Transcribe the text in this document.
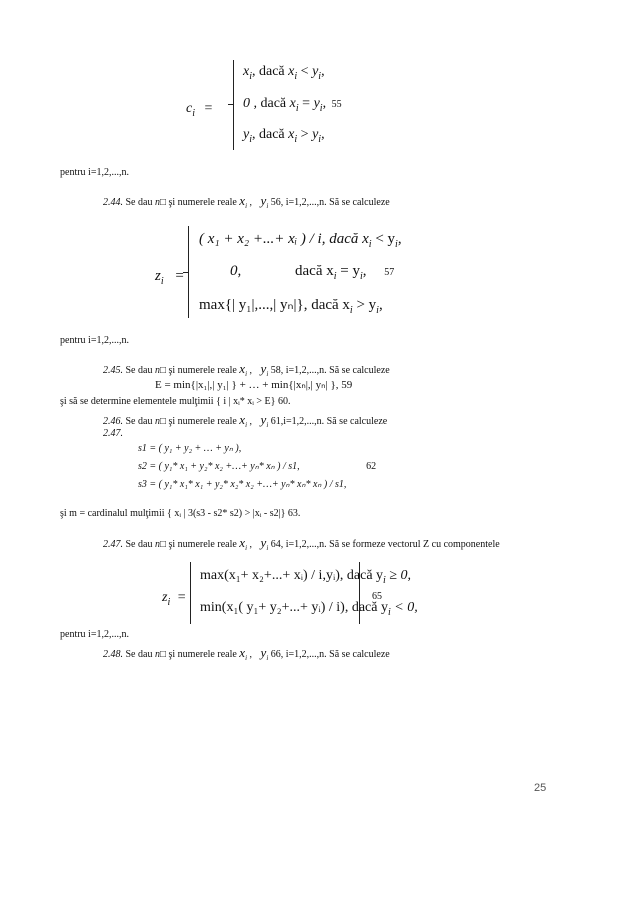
$c_i$ =
$x_i$, dacă $x_i < y_i$,
0 , dacă $x_i = y_i$, 55
$y_i$, dacă $x_i > y_i$,
pentru i=1,2,...,n.
2.44. Se dau n□ şi numerele reale $x_i$ , $y_i$ 56, i=1,2,...,n. Să se calculeze
$z_i$ =
( x₁ + x₂ +...+ xᵢ ) / i, dacă $x_i < y_i$,
0,	dacă $x_i = y_i$, 57
max{| y₁|,...,| yₙ|}, dacă $x_i > y_i$,
pentru i=1,2,...,n.
2.45. Se dau n□ şi numerele reale $x_i$ , $y_i$ 58, i=1,2,...,n. Să se calculeze
E = min{|x₁|,| y₁| } + … + min{|xₙ|,| yₙ| }, 59
şi să se determine elementele mulţimii { i | xᵢ* xᵢ > E} 60.
2.46. Se dau n□ şi numerele reale $x_i$ , $y_i$ 61,i=1,2,...,n. Să se calculeze
2.47.
s1 = ( y₁ + y₂ + … + yₙ ),
s2 = ( y₁* x₁ + y₂* x₂ +…+ yₙ* xₙ ) / s1,	62
s3 = ( y₁* x₁* x₁ + y₂* x₂* x₂ +…+ yₙ* xₙ* xₙ ) / s1,
şi m = cardinalul mulţimii { xᵢ | 3(s3 - s2* s2) > |xᵢ - s2|} 63.
2.47. Se dau n□ şi numerele reale $x_i$ , $y_i$ 64, i=1,2,...,n. Să se formeze vectorul Z cu componentele
$z_i$ =
max(x₁+ x₂+...+ xᵢ) / i,yᵢ), dacă $y_i \ge 0$,
min(x₁( y₁+ y₂+...+ yᵢ) / i), dacă $y_i < 0$,
65
pentru i=1,2,...,n.
2.48. Se dau n□ şi numerele reale $x_i$ , $y_i$ 66, i=1,2,...,n. Să se calculeze
25
